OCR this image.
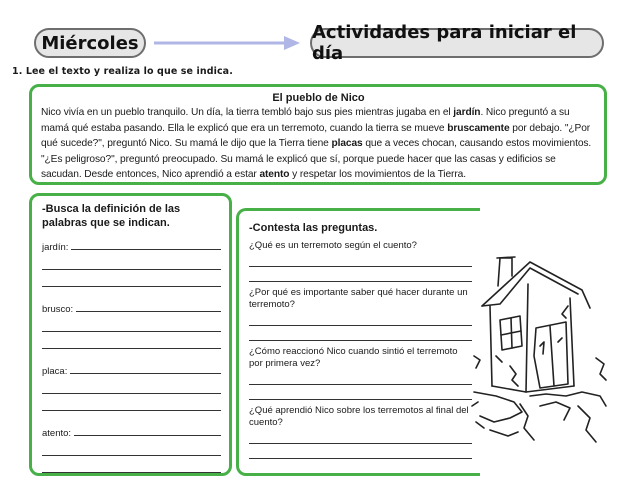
Miércoles	Actividades para iniciar el día
1. Lee el texto y realiza lo que se indica.
El pueblo de Nico
Nico vivía en un pueblo tranquilo. Un día, la tierra tembló bajo sus pies mientras jugaba en el jardín. Nico preguntó a su mamá qué estaba pasando. Ella le explicó que era un terremoto, cuando la tierra se mueve bruscamente por debajo. "¿Por qué sucede?", preguntó Nico. Su mamá le dijo que la Tierra tiene placas que a veces chocan, causando estos movimientos. "¿Es peligroso?", preguntó preocupado. Su mamá le explicó que sí, porque puede hacer que las casas y edificios se sacudan. Desde entonces, Nico aprendió a estar atento y respetar los movimientos de la Tierra.
-Busca la definición de las palabras que se indican.
jardín:
brusco:
placa:
atento:
-Contesta las preguntas.
¿Qué es un terremoto según el cuento?
¿Por qué es importante saber qué hacer durante un terremoto?
¿Cómo reaccionó Nico cuando sintió el terremoto por primera vez?
¿Qué aprendió Nico sobre los terremotos al final del cuento?
